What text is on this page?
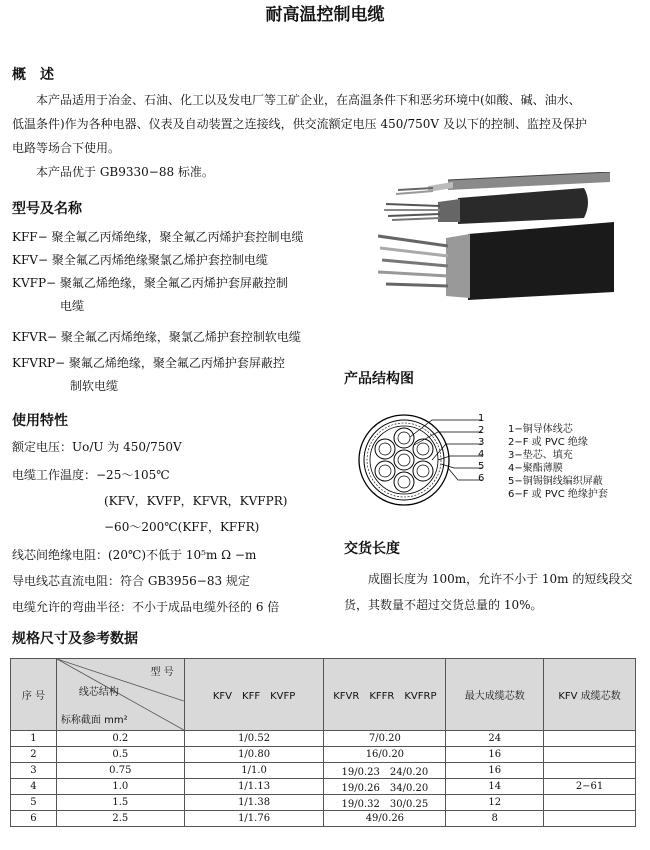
耐高温控制电缆
概　述
本产品适用于冶金、石油、化工以及发电厂等工矿企业，在高温条件下和恶劣环境中(如酸、碱、油水、
低温条件)作为各种电器、仪表及自动装置之连接线，供交流额定电压 450/750V 及以下的控制、监控及保护
电路等场合下使用。
本产品优于 GB9330−88 标准。
型号及名称
KFF− 聚全氟乙丙烯绝缘，聚全氟乙丙烯护套控制电缆
KFV− 聚全氟乙丙烯绝缘聚氯乙烯护套控制电缆
KVFP− 聚氟乙烯绝缘，聚全氟乙丙烯护套屏蔽控制
电缆
KFVR− 聚全氟乙丙烯绝缘，聚氯乙烯护套控制软电缆
KFVRP− 聚氟乙烯绝缘，聚全氟乙丙烯护套屏蔽控
制软电缆	产品结构图
1
2
3
4
5
6
1−铜导体线芯
2−F 或 PVC 绝缘
3−垫芯、填充
4−聚酯薄膜
5−铜锡铜线编织屏蔽
6−F 或 PVC 绝缘护套
使用特性
额定电压：Uo/U 为 450/750V
电缆工作温度：−25～105℃
(KFV，KVFP，KFVR，KVFPR)
−60～200℃(KFF，KFFR)
线芯间绝缘电阻：(20℃)不低于 10⁵m Ω −m
导电线芯直流电阻：符合 GB3956−83 规定
电缆允许的弯曲半径：不小于成品电缆外径的 6 倍
交货长度
成圈长度为 100m，允许不小于 10m 的短线段交
货，其数量不超过交货总量的 10%。
规格尺寸及参考数据
序 号	型 号
线芯结构
标称截面 mm²	KFV　KFF　KVFP	KFVR　KFFR　KVFRP	最大成缆芯数	KFV 成缆芯数
1	0.2	1/0.52	7/0.20	24	
2	0.5	1/0.80	16/0.20	16	
3	0.75	1/1.0	19/0.23　24/0.20	16	
4	1.0	1/1.13	19/0.26　34/0.20	14	2−61
5	1.5	1/1.38	19/0.32　30/0.25	12	
6	2.5	1/1.76	49/0.26	8	
